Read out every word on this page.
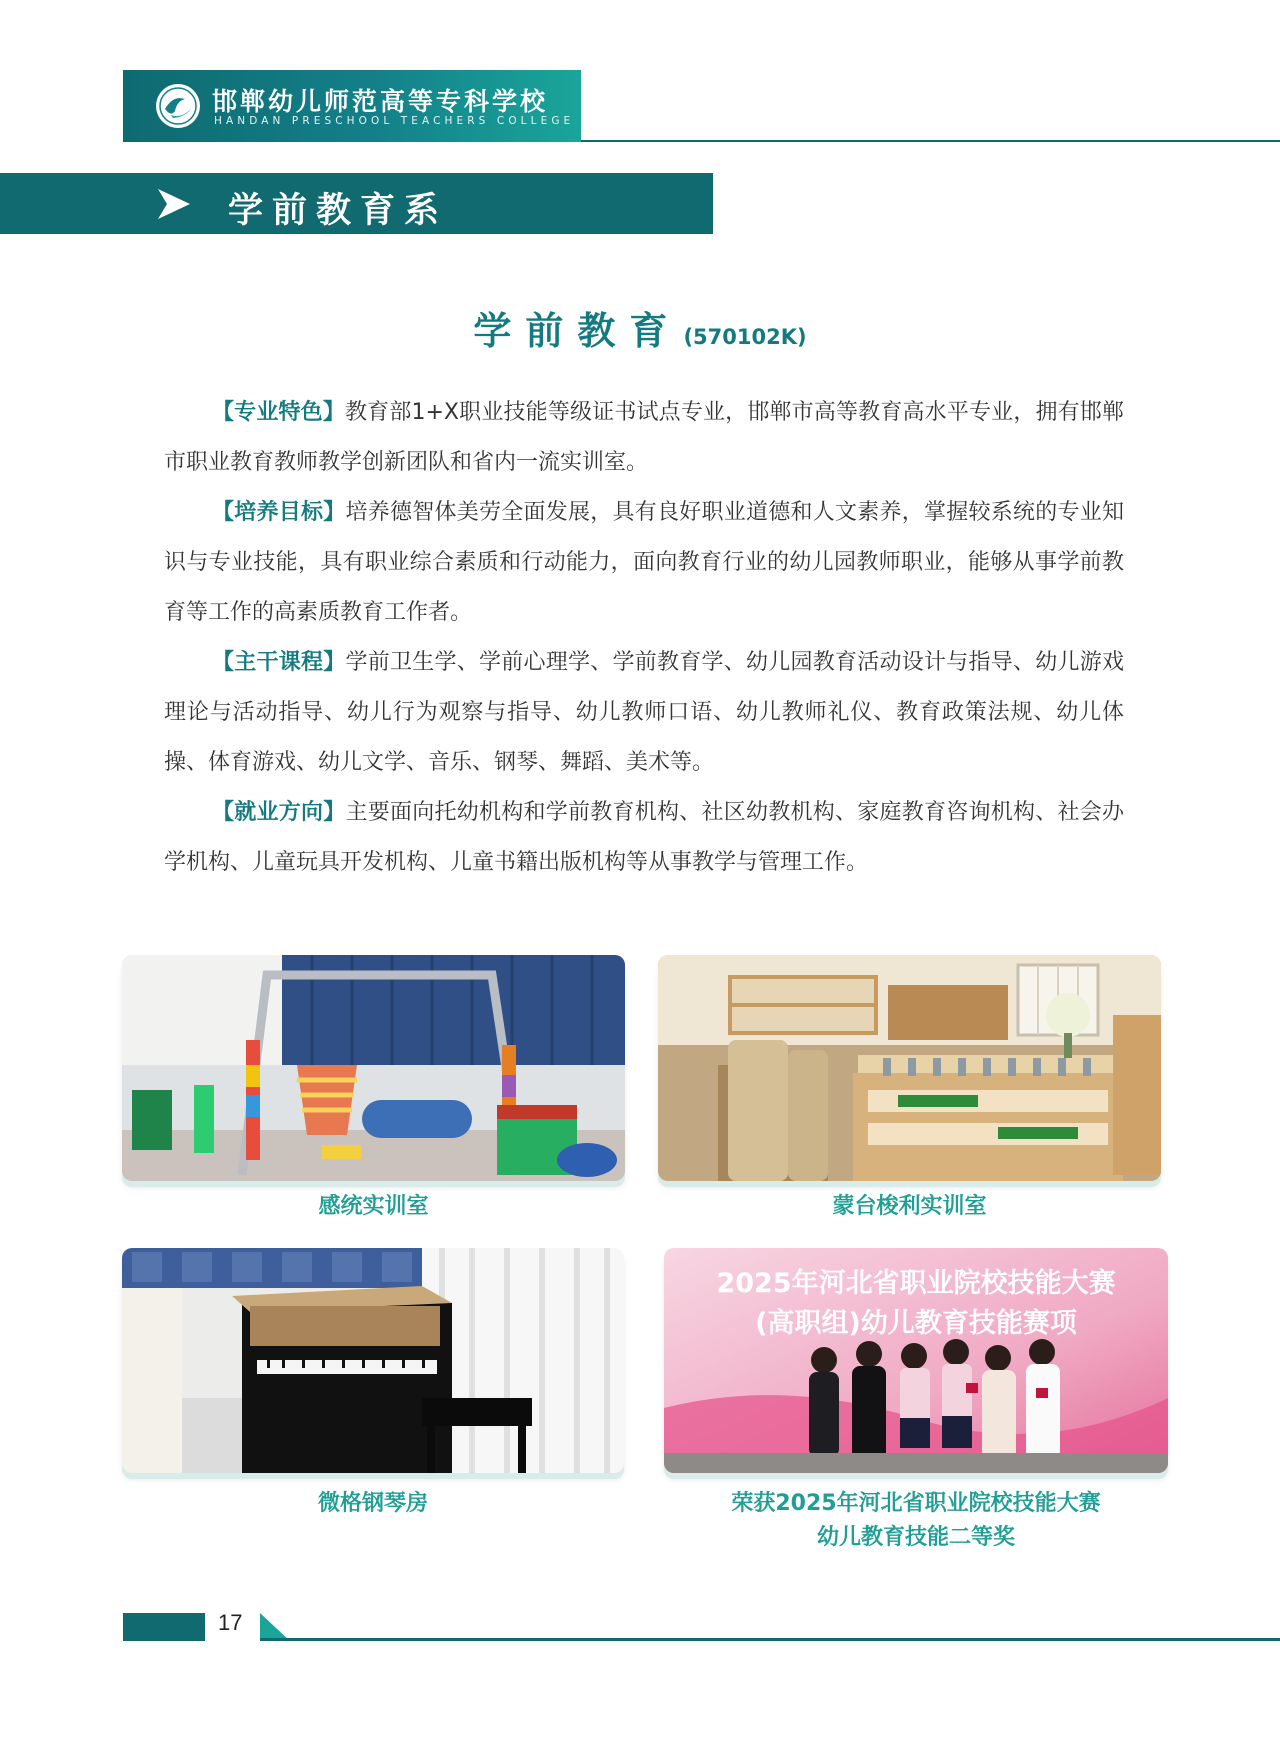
邯郸幼儿师范高等专科学校
HANDAN PRESCHOOL TEACHERS COLLEGE
学前教育系
学前教育(570102K)

【专业特色】教育部1+X职业技能等级证书试点专业，邯郸市高等教育高水平专业，拥有邯郸市职业教育教师教学创新团队和省内一流实训室。

【培养目标】培养德智体美劳全面发展，具有良好职业道德和人文素养，掌握较系统的专业知识与专业技能，具有职业综合素质和行动能力，面向教育行业的幼儿园教师职业，能够从事学前教育等工作的高素质教育工作者。

【主干课程】学前卫生学、学前心理学、学前教育学、幼儿园教育活动设计与指导、幼儿游戏理论与活动指导、幼儿行为观察与指导、幼儿教师口语、幼儿教师礼仪、教育政策法规、幼儿体操、体育游戏、幼儿文学、音乐、钢琴、舞蹈、美术等。

【就业方向】主要面向托幼机构和学前教育机构、社区幼教机构、家庭教育咨询机构、社会办学机构、儿童玩具开发机构、儿童书籍出版机构等从事教学与管理工作。

感统实训室	蒙台梭利实训室
微格钢琴房
2025年河北省职业院校技能大赛
(高职组)幼儿教育技能赛项
荣获2025年河北省职业院校技能大赛
幼儿教育技能二等奖
17
